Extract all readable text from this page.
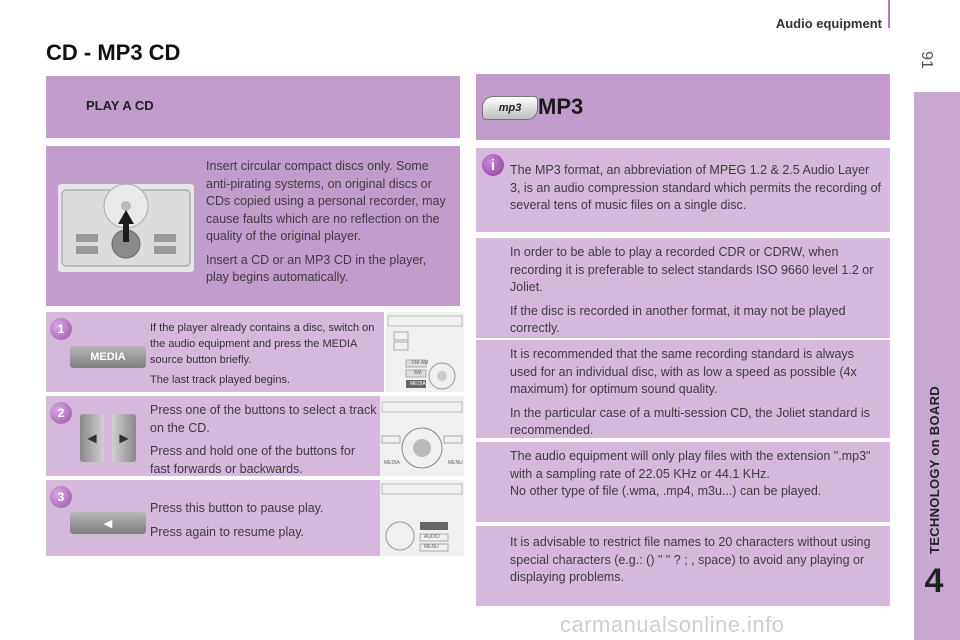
Audio equipment
91
TECHNOLOGY on BOARD
4
CD - MP3 CD
PLAY A CD

Insert circular compact discs only. Some anti-pirating systems, on original discs or CDs copied using a personal recorder, may cause faults which are no reflection on the quality of the original player.

Insert a CD or an MP3 CD in the player, play begins automatically.

MEDIA
If the player already contains a disc, switch on the audio equipment and press the MEDIA source button briefly.
The last track played begins.
1
◀ ▶

Press one of the buttons to select a track on the CD.

Press and hold one of the buttons for fast forwards or backwards.

2
◀

Press this button to pause play.

Press again to resume play.

3
FM·AM
AM
MEDIA
MEDIA	MENU
AUDIO
MENU
mp3 MP3
i	The MP3 format, an abbreviation of MPEG 1.2 & 2.5 Audio Layer 3, is an audio compression standard which permits the recording of several tens of music files on a single disc.

In order to be able to play a recorded CDR or CDRW, when recording it is preferable to select standards ISO 9660 level 1.2 or Joliet.

If the disc is recorded in another format, it may not be played correctly.

It is recommended that the same recording standard is always used for an individual disc, with as low a speed as possible (4x maximum) for optimum sound quality.

In the particular case of a multi-session CD, the Joliet standard is recommended.

The audio equipment will only play files with the extension ".mp3" with a sampling rate of 22.05 KHz or 44.1 KHz.
No other type of file (.wma, .mp4, m3u...) can be played.
It is advisable to restrict file names to 20 characters without using special characters (e.g.: () " " ? ; , space) to avoid any playing or displaying problems.
carmanualsonline.info
